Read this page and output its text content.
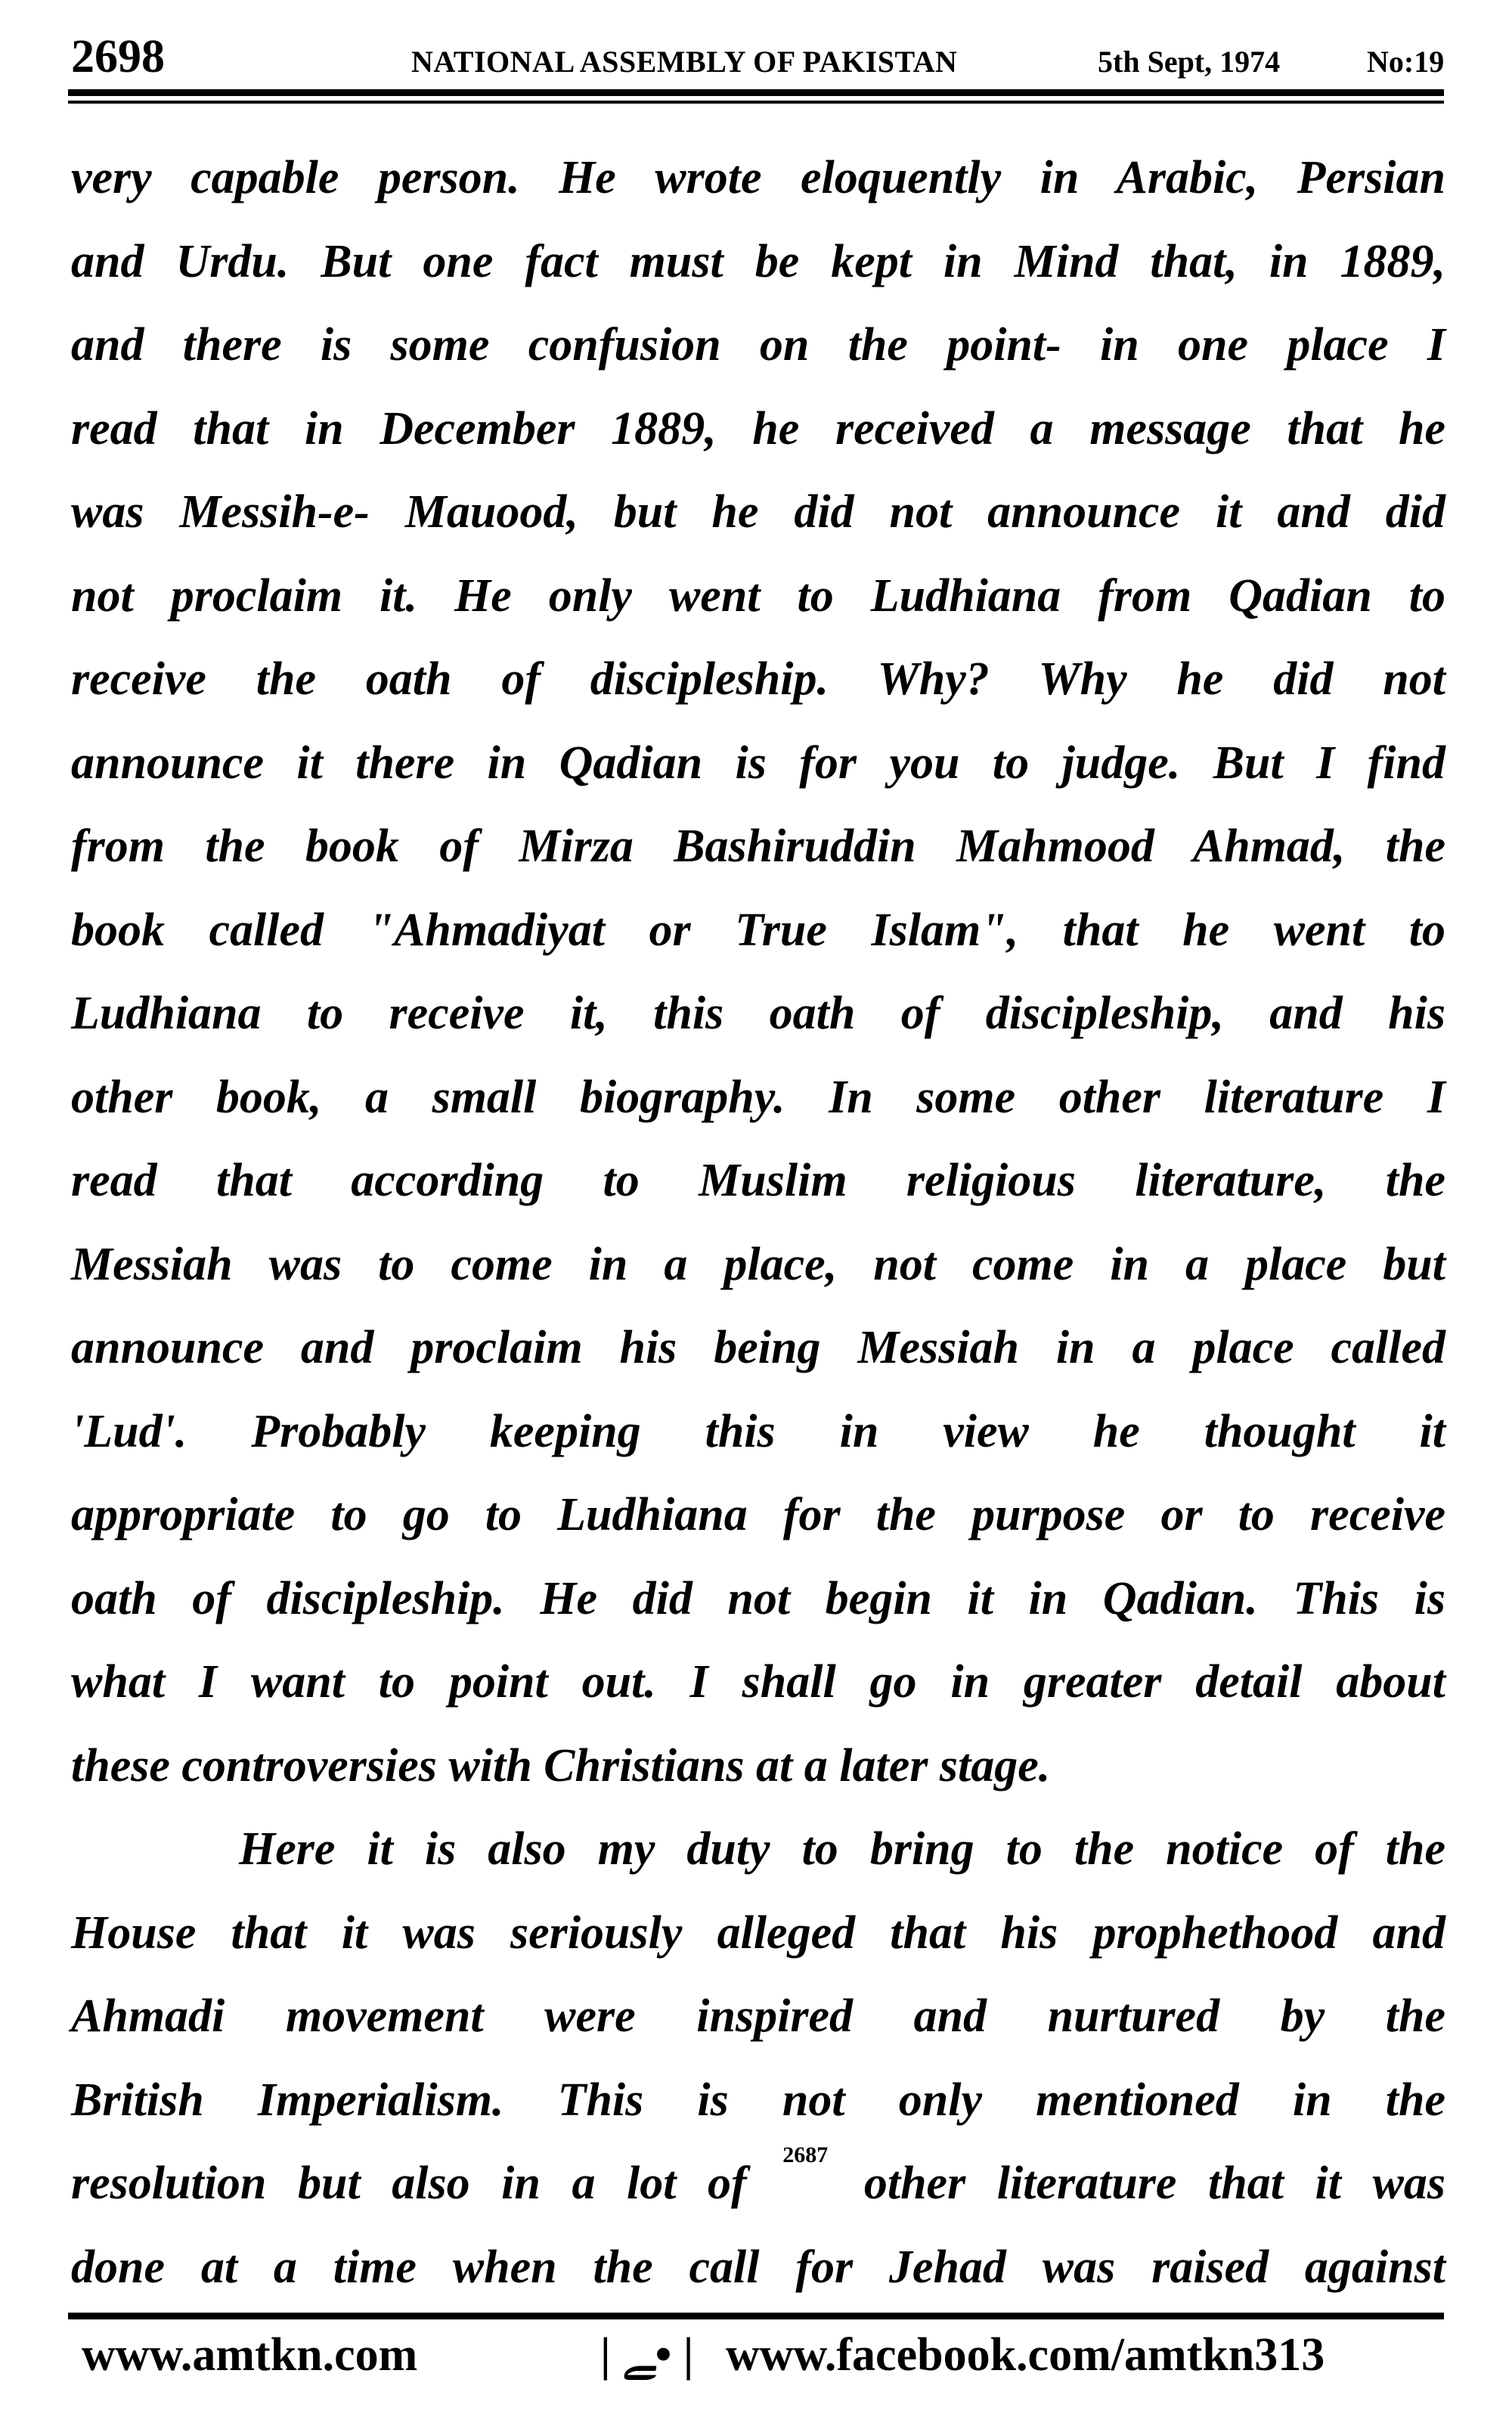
2698	NATIONAL ASSEMBLY OF PAKISTAN	5th Sept, 1974	No:19
very capable person. He wrote eloquently in Arabic, Persian
and Urdu. But one fact must be kept in Mind that, in 1889,
and there is some confusion on the point- in one place I
read that in December 1889, he received a message that he
was Messih-e- Mauood, but he did not announce it and did
not proclaim it. He only went to Ludhiana from Qadian to
receive the oath of discipleship. Why? Why he did not
announce it there in Qadian is for you to judge. But I find
from the book of Mirza Bashiruddin Mahmood Ahmad, the
book called "Ahmadiyat or True Islam", that he went to
Ludhiana to receive it, this oath of discipleship, and his
other book, a small biography. In some other literature I
read that according to Muslim religious literature, the
Messiah was to come in a place, not come in a place but
announce and proclaim his being Messiah in a place called
'Lud'. Probably keeping this in view he thought it
appropriate to go to Ludhiana for the purpose or to receive
oath of discipleship. He did not begin it in Qadian. This is
what I want to point out. I shall go in greater detail about
these controversies with Christians at a later stage.
Here it is also my duty to bring to the notice of the
House that it was seriously alleged that his prophethood and
Ahmadi movement were inspired and nurtured by the
British Imperialism. This is not only mentioned in the
resolution but also in a lot of $^{2687}$ other literature that it was
done at a time when the call for Jehad was raised against
www.amtkn.com	| ﮯ• | www.facebook.com/amtkn313
